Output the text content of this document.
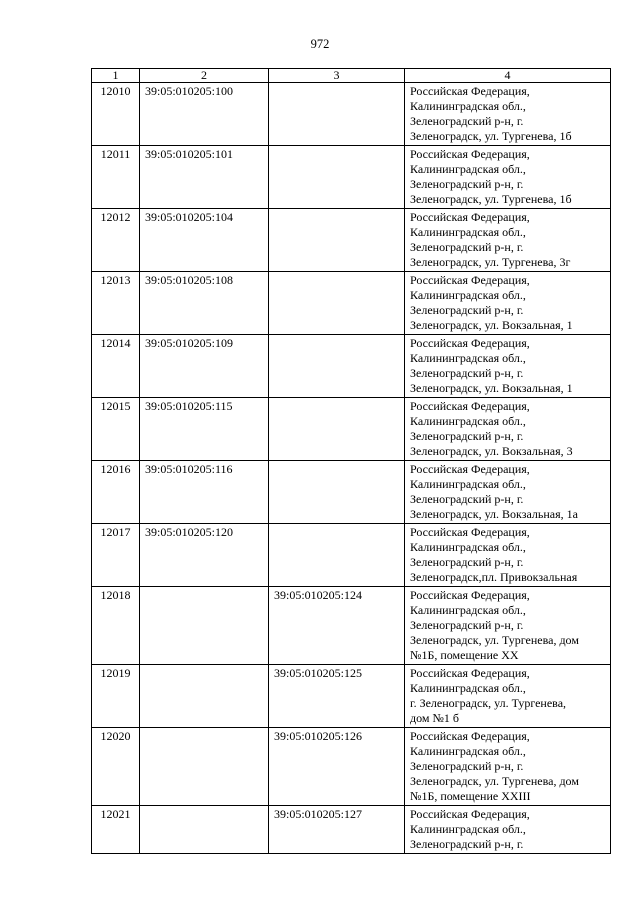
972
1	2	3	4
12010	39:05:010205:100		Российская Федерация,
Калининградская обл.,
Зеленоградский р-н, г.
Зеленоградск, ул. Тургенева, 1б

12011	39:05:010205:101		Российская Федерация,
Калининградская обл.,
Зеленоградский р-н, г.
Зеленоградск, ул. Тургенева, 1б

12012	39:05:010205:104		Российская Федерация,
Калининградская обл.,
Зеленоградский р-н, г.
Зеленоградск, ул. Тургенева, 3г

12013	39:05:010205:108		Российская Федерация,
Калининградская обл.,
Зеленоградский р-н, г.
Зеленоградск, ул. Вокзальная, 1

12014	39:05:010205:109		Российская Федерация,
Калининградская обл.,
Зеленоградский р-н, г.
Зеленоградск, ул. Вокзальная, 1

12015	39:05:010205:115		Российская Федерация,
Калининградская обл.,
Зеленоградский р-н, г.
Зеленоградск, ул. Вокзальная, 3

12016	39:05:010205:116		Российская Федерация,
Калининградская обл.,
Зеленоградский р-н, г.
Зеленоградск, ул. Вокзальная, 1а

12017	39:05:010205:120		Российская Федерация,
Калининградская обл.,
Зеленоградский р-н, г.
Зеленоградск,пл. Привокзальная

12018		39:05:010205:124	Российская Федерация,
Калининградская обл.,
Зеленоградский р-н, г.
Зеленоградск, ул. Тургенева, дом
№1Б, помещение XX

12019		39:05:010205:125	Российская Федерация,
Калининградская обл.,
г. Зеленоградск, ул. Тургенева,
дом №1 б

12020		39:05:010205:126	Российская Федерация,
Калининградская обл.,
Зеленоградский р-н, г.
Зеленоградск, ул. Тургенева, дом
№1Б, помещение XXIII

12021		39:05:010205:127	Российская Федерация,
Калининградская обл.,
Зеленоградский р-н, г.
